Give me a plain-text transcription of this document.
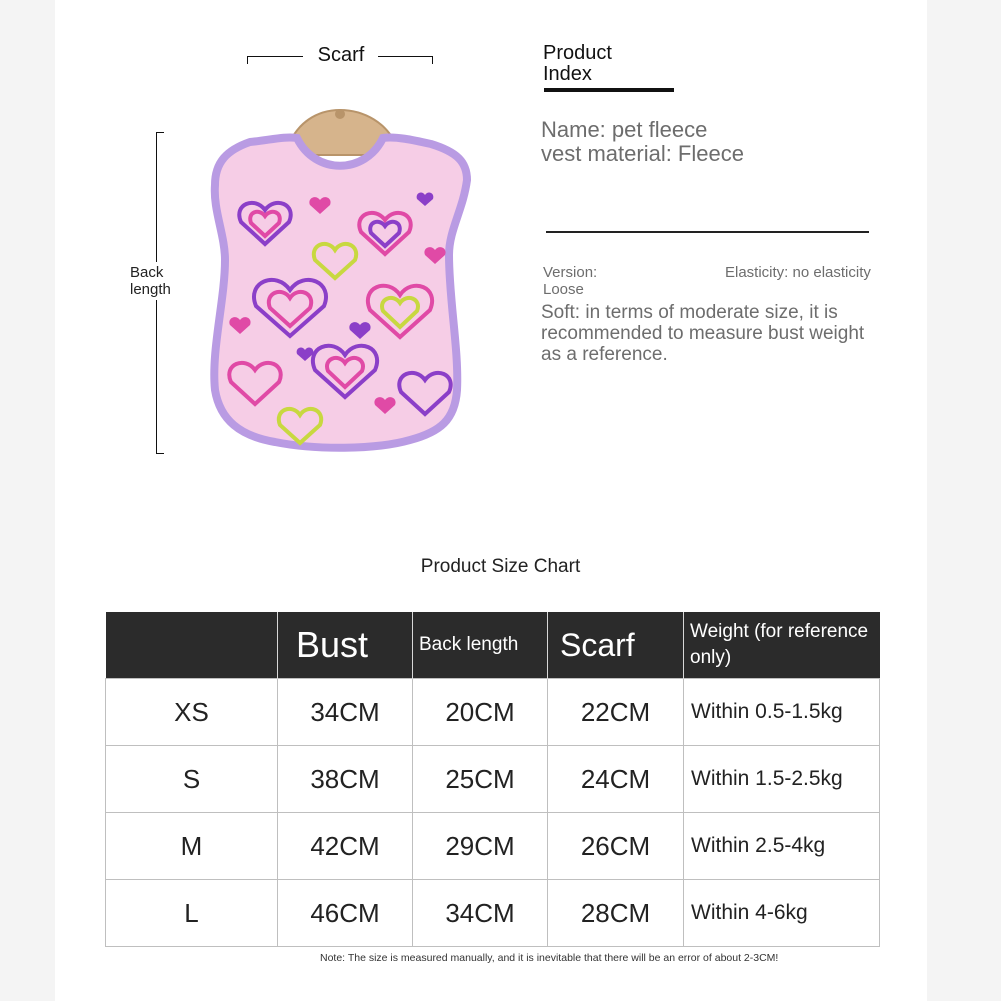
Scarf
Back length
Product
Index
Name: pet fleece
vest material: Fleece
Version:
Loose
Elasticity: no elasticity
Soft: in terms of moderate size, it is recommended to measure bust weight as a reference.
Product Size Chart
	Bust	Back length	Scarf	Weight (for reference only)
XS	34CM	20CM	22CM	Within 0.5-1.5kg
S	38CM	25CM	24CM	Within 1.5-2.5kg
M	42CM	29CM	26CM	Within 2.5-4kg
L	46CM	34CM	28CM	Within 4-6kg
Note: The size is measured manually, and it is inevitable that there will be an error of about 2-3CM!
